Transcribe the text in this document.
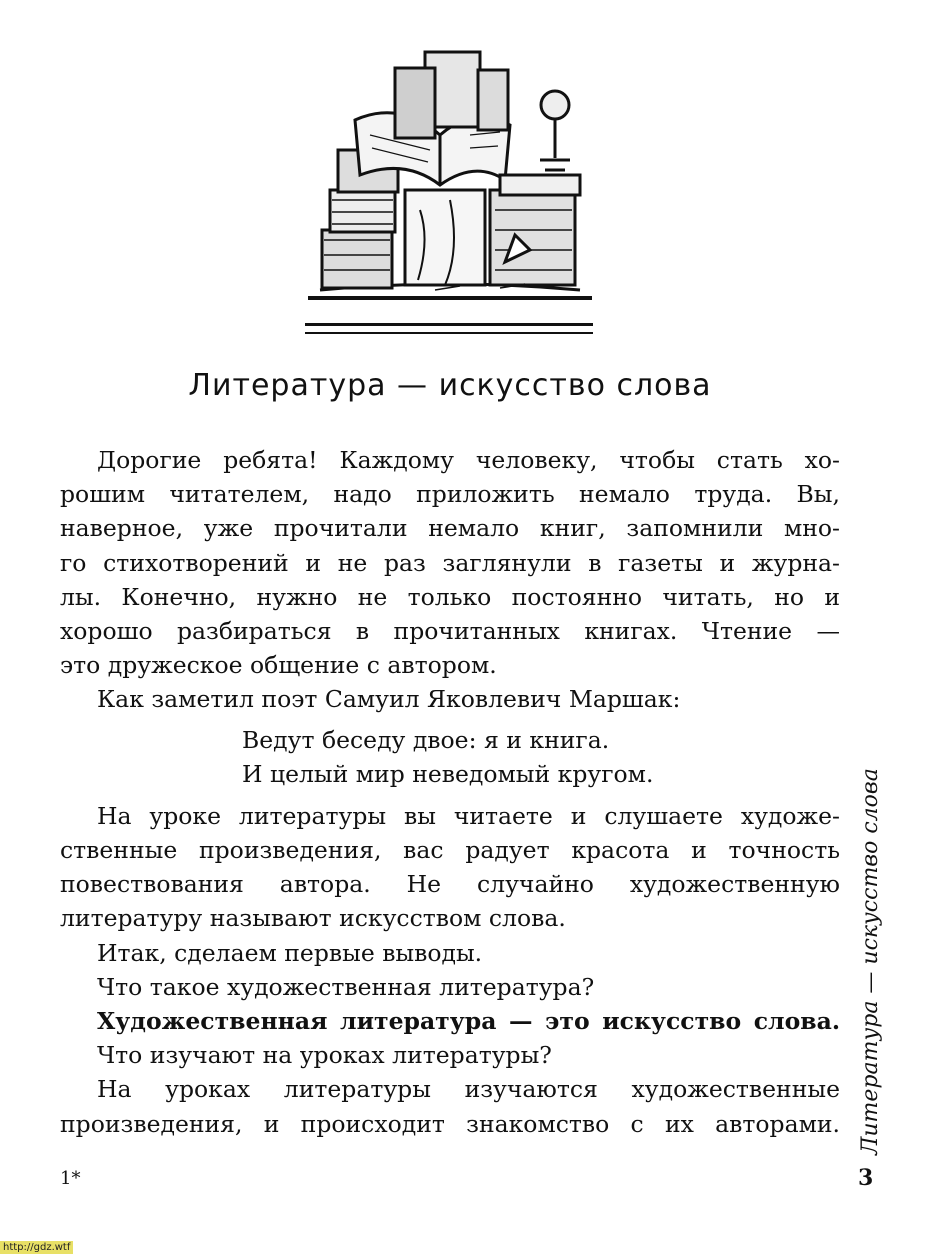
Литература — искусство слова
Дорогие ребята! Каждому человеку, чтобы стать хо-
рошим читателем, надо приложить немало труда. Вы,
наверное, уже прочитали немало книг, запомнили мно-
го стихотворений и не раз заглянули в газеты и журна-
лы. Конечно, нужно не только постоянно читать, но и
хорошо разбираться в прочитанных книгах. Чтение —
это дружеское общение с автором.
Как заметил поэт Самуил Яковлевич Маршак:
Ведут беседу двое: я и книга.
И целый мир неведомый кругом.
На уроке литературы вы читаете и слушаете художе-
ственные произведения, вас радует красота и точность
повествования автора. Не случайно художественную
литературу называют искусством слова.
Итак, сделаем первые выводы.
Что такое художественная литература?
Художественная литература — это искусство слова.
Что изучают на уроках литературы?
На уроках литературы изучаются художественные
произведения, и происходит знакомство с их авторами. Литература — искусство слова
1*	3
http://gdz.wtf
